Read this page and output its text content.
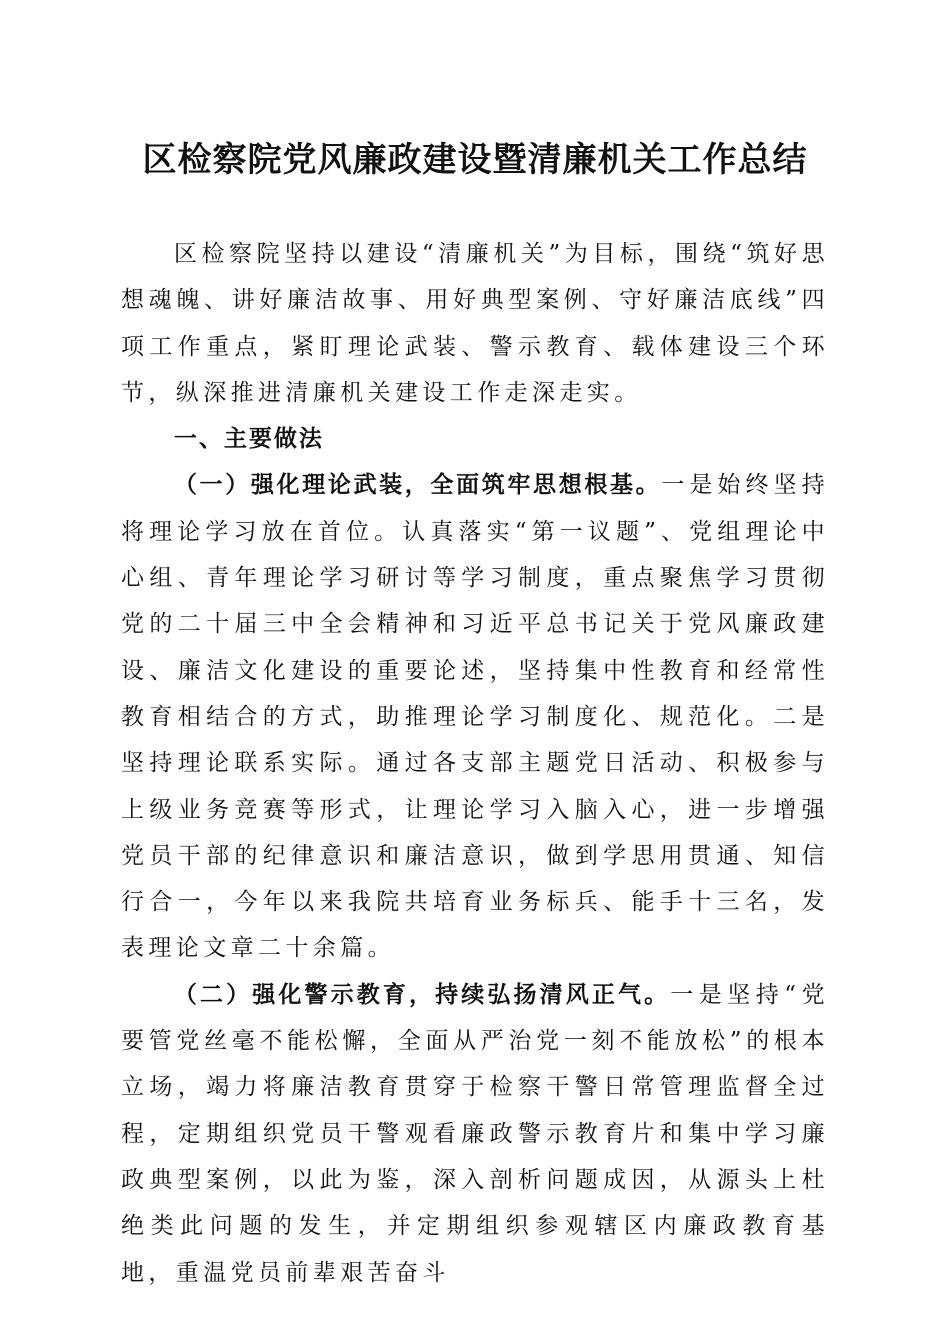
区检察院党风廉政建设暨清廉机关工作总结

区检察院坚持以建设“清廉机关”为目标，围绕“筑好思想魂魄、讲好廉洁故事、用好典型案例、守好廉洁底线”四项工作重点，紧盯理论武装、警示教育、载体建设三个环节，纵深推进清廉机关建设工作走深走实。

一、主要做法

（一）强化理论武装，全面筑牢思想根基。一是始终坚持将理论学习放在首位。认真落实“第一议题”、党组理论中心组、青年理论学习研讨等学习制度，重点聚焦学习贯彻党的二十届三中全会精神和习近平总书记关于党风廉政建设、廉洁文化建设的重要论述，坚持集中性教育和经常性教育相结合的方式，助推理论学习制度化、规范化。二是坚持理论联系实际。通过各支部主题党日活动、积极参与上级业务竞赛等形式，让理论学习入脑入心，进一步增强党员干部的纪律意识和廉洁意识，做到学思用贯通、知信行合一，今年以来我院共培育业务标兵、能手十三名，发表理论文章二十余篇。

（二）强化警示教育，持续弘扬清风正气。一是坚持“党要管党丝毫不能松懈，全面从严治党一刻不能放松”的根本立场，竭力将廉洁教育贯穿于检察干警日常管理监督全过程，定期组织党员干警观看廉政警示教育片和集中学习廉政典型案例，以此为鉴，深入剖析问题成因，从源头上杜绝类此问题的发生，并定期组织参观辖区内廉政教育基地，重温党员前辈艰苦奋斗
